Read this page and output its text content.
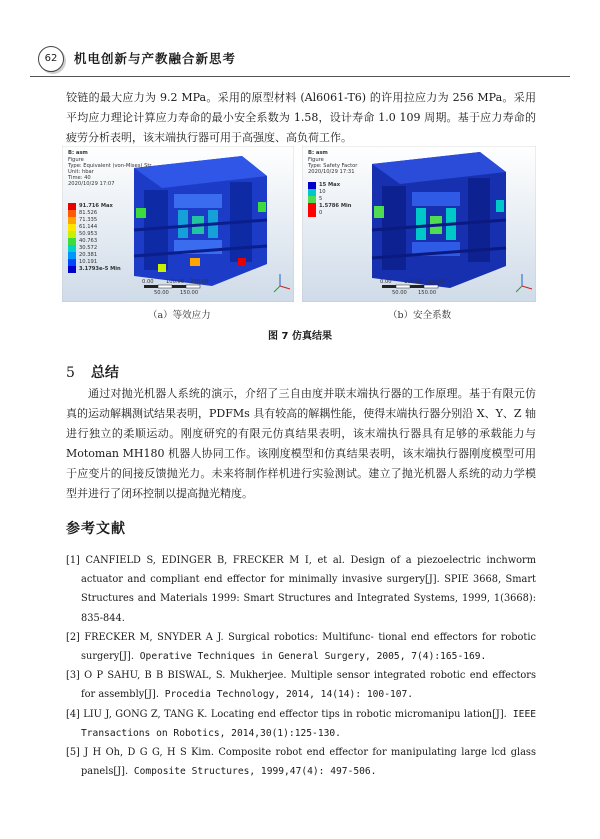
62	机电创新与产教融合新思考
铰链的最大应力为 9.2 MPa。采用的原型材料 (Al6061-T6) 的许用拉应力为 256 MPa。采用平均应力理论计算应力寿命的最小安全系数为 1.58，设计寿命 1.0 109 周期。基于应力寿命的疲劳分析表明，该末端执行器可用于高强度、高负荷工作。
B: asm
Figure
Type: Equivalent (von-Mises) Str
Unit: hbar
Time: 40
2020/10/29 17:07
91.716 Max
81.526
71.335
61.144
50.953
40.763
30.572
20.381
10.191
3.1793e-5 Min
0.00 100.00 200.00
50.00 150.00
B: asm
Figure
Type: Safety Factor
2020/10/29 17:31
15 Max
10
5
1.5786 Min
0
0.00 100.00 200.00
50.00 150.00
（a）等效应力	（b）安全系数
图 7 仿真结果
5 总结
通过对抛光机器人系统的演示，介绍了三自由度并联末端执行器的工作原理。基于有限元仿真的运动解耦测试结果表明，PDFMs 具有较高的解耦性能，使得末端执行器分别沿 X、Y、Z 轴进行独立的柔顺运动。刚度研究的有限元仿真结果表明，该末端执行器具有足够的承载能力与 Motoman MH180 机器人协同工作。该刚度模型和仿真结果表明，该末端执行器刚度模型可用于应变片的间接反馈抛光力。未来将制作样机进行实验测试。建立了抛光机器人系统的动力学模型并进行了闭环控制以提高抛光精度。
参考文献
[1] CANFIELD S, EDINGER B, FRECKER M I, et al. Design of a piezoelectric inchworm actuator and compliant end effector for minimally invasive surgery[J]. SPIE 3668, Smart Structures and Materials 1999: Smart Structures and Integrated Systems, 1999, 1(3668): 835-844.
[2] FRECKER M, SNYDER A J. Surgical robotics: Multifunc- tional end effectors for robotic surgery[J]. Operative Techniques in General Surgery, 2005, 7(4):165-169.
[3] O P SAHU, B B BISWAL, S. Mukherjee. Multiple sensor integrated robotic end effectors for assembly[J]. Procedia Technology, 2014, 14(14): 100-107.
[4] LIU J, GONG Z, TANG K. Locating end effector tips in robotic micromanipu lation[J]. IEEE Transactions on Robotics, 2014,30(1):125-130.
[5] J H Oh, D G G, H S Kim. Composite robot end effector for manipulating large lcd glass panels[J]. Composite Structures, 1999,47(4): 497-506.
